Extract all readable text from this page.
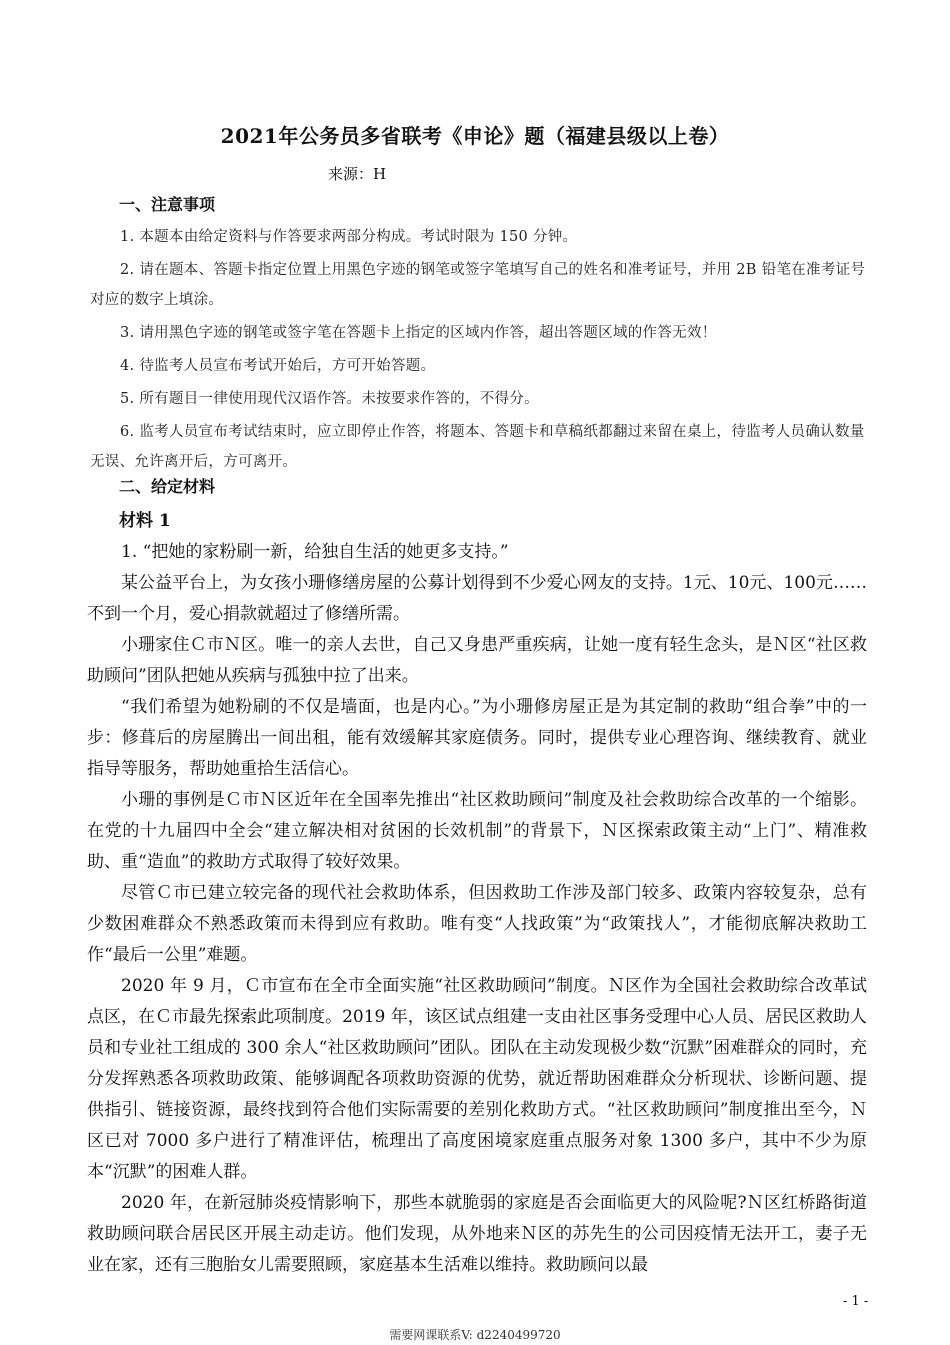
2021年公务员多省联考《申论》题（福建县级以上卷）
来源：H
一、注意事项

1. 本题本由给定资料与作答要求两部分构成。考试时限为 150 分钟。

2. 请在题本、答题卡指定位置上用黑色字迹的钢笔或签字笔填写自己的姓名和准考证号，并用 2B 铅笔在准考证号对应的数字上填涂。

3. 请用黑色字迹的钢笔或签字笔在答题卡上指定的区域内作答，超出答题区域的作答无效！

4. 待监考人员宣布考试开始后，方可开始答题。

5. 所有题目一律使用现代汉语作答。未按要求作答的，不得分。

6. 监考人员宣布考试结束时，应立即停止作答，将题本、答题卡和草稿纸都翻过来留在桌上，待监考人员确认数量无误、允许离开后，方可离开。

二、给定材料
材料 1

1. “把她的家粉刷一新，给独自生活的她更多支持。”

某公益平台上，为女孩小珊修缮房屋的公募计划得到不少爱心网友的支持。1元、10元、100元……不到一个月，爱心捐款就超过了修缮所需。

小珊家住Ｃ市Ｎ区。唯一的亲人去世，自己又身患严重疾病，让她一度有轻生念头，是Ｎ区“社区救助顾问”团队把她从疾病与孤独中拉了出来。

“我们希望为她粉刷的不仅是墙面，也是内心。”为小珊修房屋正是为其定制的救助“组合拳”中的一步：修葺后的房屋腾出一间出租，能有效缓解其家庭债务。同时，提供专业心理咨询、继续教育、就业指导等服务，帮助她重拾生活信心。

小珊的事例是Ｃ市Ｎ区近年在全国率先推出“社区救助顾问”制度及社会救助综合改革的一个缩影。在党的十九届四中全会“建立解决相对贫困的长效机制”的背景下，Ｎ区探索政策主动“上门”、精准救助、重“造血”的救助方式取得了较好效果。

尽管Ｃ市已建立较完备的现代社会救助体系，但因救助工作涉及部门较多、政策内容较复杂，总有少数困难群众不熟悉政策而未得到应有救助。唯有变“人找政策”为“政策找人”，才能彻底解决救助工作“最后一公里”难题。

2020 年 9 月，Ｃ市宣布在全市全面实施“社区救助顾问”制度。Ｎ区作为全国社会救助综合改革试点区，在Ｃ市最先探索此项制度。2019 年，该区试点组建一支由社区事务受理中心人员、居民区救助人员和专业社工组成的 300 余人“社区救助顾问”团队。团队在主动发现极少数“沉默”困难群众的同时，充分发挥熟悉各项救助政策、能够调配各项救助资源的优势，就近帮助困难群众分析现状、诊断问题、提供指引、链接资源，最终找到符合他们实际需要的差别化救助方式。“社区救助顾问”制度推出至今，Ｎ区已对 7000 多户进行了精准评估，梳理出了高度困境家庭重点服务对象 1300 多户，其中不少为原本“沉默”的困难人群。

2020 年，在新冠肺炎疫情影响下，那些本就脆弱的家庭是否会面临更大的风险呢?Ｎ区红桥路街道救助顾问联合居民区开展主动走访。他们发现，从外地来Ｎ区的苏先生的公司因疫情无法开工，妻子无业在家，还有三胞胎女儿需要照顾，家庭基本生活难以维持。救助顾问以最

- 1 -
需要网课联系V: d2240499720
